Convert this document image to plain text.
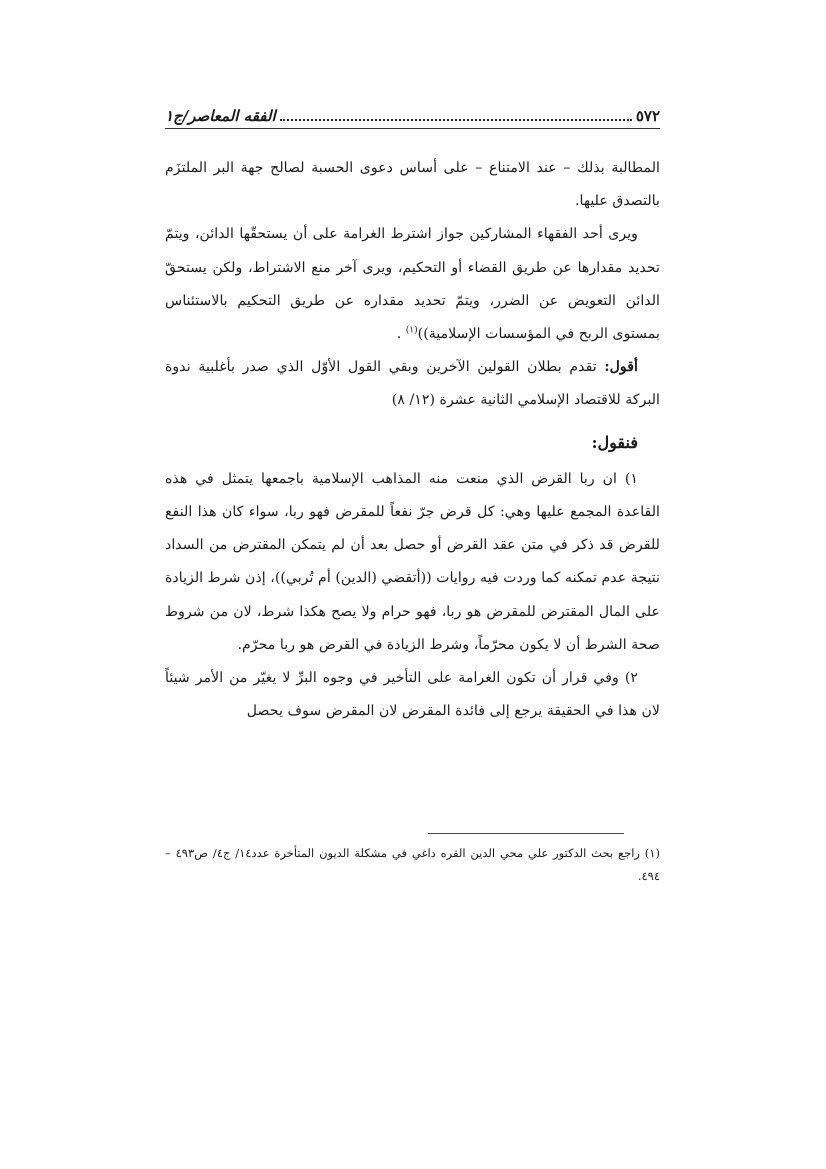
الفقه المعاصر/ج١	٥٧٢

المطالبة بذلك – عند الامتناع – على أساس دعوى الحسبة لصالح جهة البر الملتزَم بالتصدق عليها.

ويرى أحد الفقهاء المشاركين جواز اشترط الغرامة على أن يستحقّها الدائن، ويتمّ تحديد مقدارها عن طريق القضاء أو التحكيم، ويرى آخر منع الاشتراط، ولكن يستحقّ الدائن التعويض عن الضرر، ويتمّ تحديد مقداره عن طريق التحكيم بالاستئناس بمستوى الربح في المؤسسات الإسلامية))$^{(١)}$ .

أقول: تقدم بطلان القولين الآخرين وبقي القول الأوّل الذي صدر بأغلبية ندوة البركة للاقتصاد الإسلامي الثانية عشرة (١٢/ ٨)

فنقول:

١) ان ربا القرض الذي منعت منه المذاهب الإسلامية باجمعها يتمثل في هذه القاعدة المجمع عليها وهي: كل قرض جرّ نفعاً للمقرض فهو ربا، سواء كان هذا النفع للقرض قد ذكر في متن عقد القرض أو حصل بعد أن لم يتمكن المقترض من السداد نتيجة عدم تمكنه كما وردت فيه روايات ((أتقضي (الدين) أم تُربي))، إذن شرط الزيادة على المال المقترض للمقرض هو ربا، فهو حرام ولا يصح هكذا شرط، لان من شروط صحة الشرط أن لا يكون محرّماً، وشرط الزيادة في القرض هو ربا محرّم.

٢) وفي قرار أن تكون الغرامة على التأخير في وجوه البرِّ لا يغيّر من الأمر شيئاً لان هذا في الحقيقة يرجع إلى فائدة المقرض لان المقرض سوف يحصل

(١) راجع بحث الدكتور علي محي الدين القره داغي في مشكلة الديون المتأخرة عدد١٤/ ج٤/ ص٤٩٣ – ٤٩٤.
